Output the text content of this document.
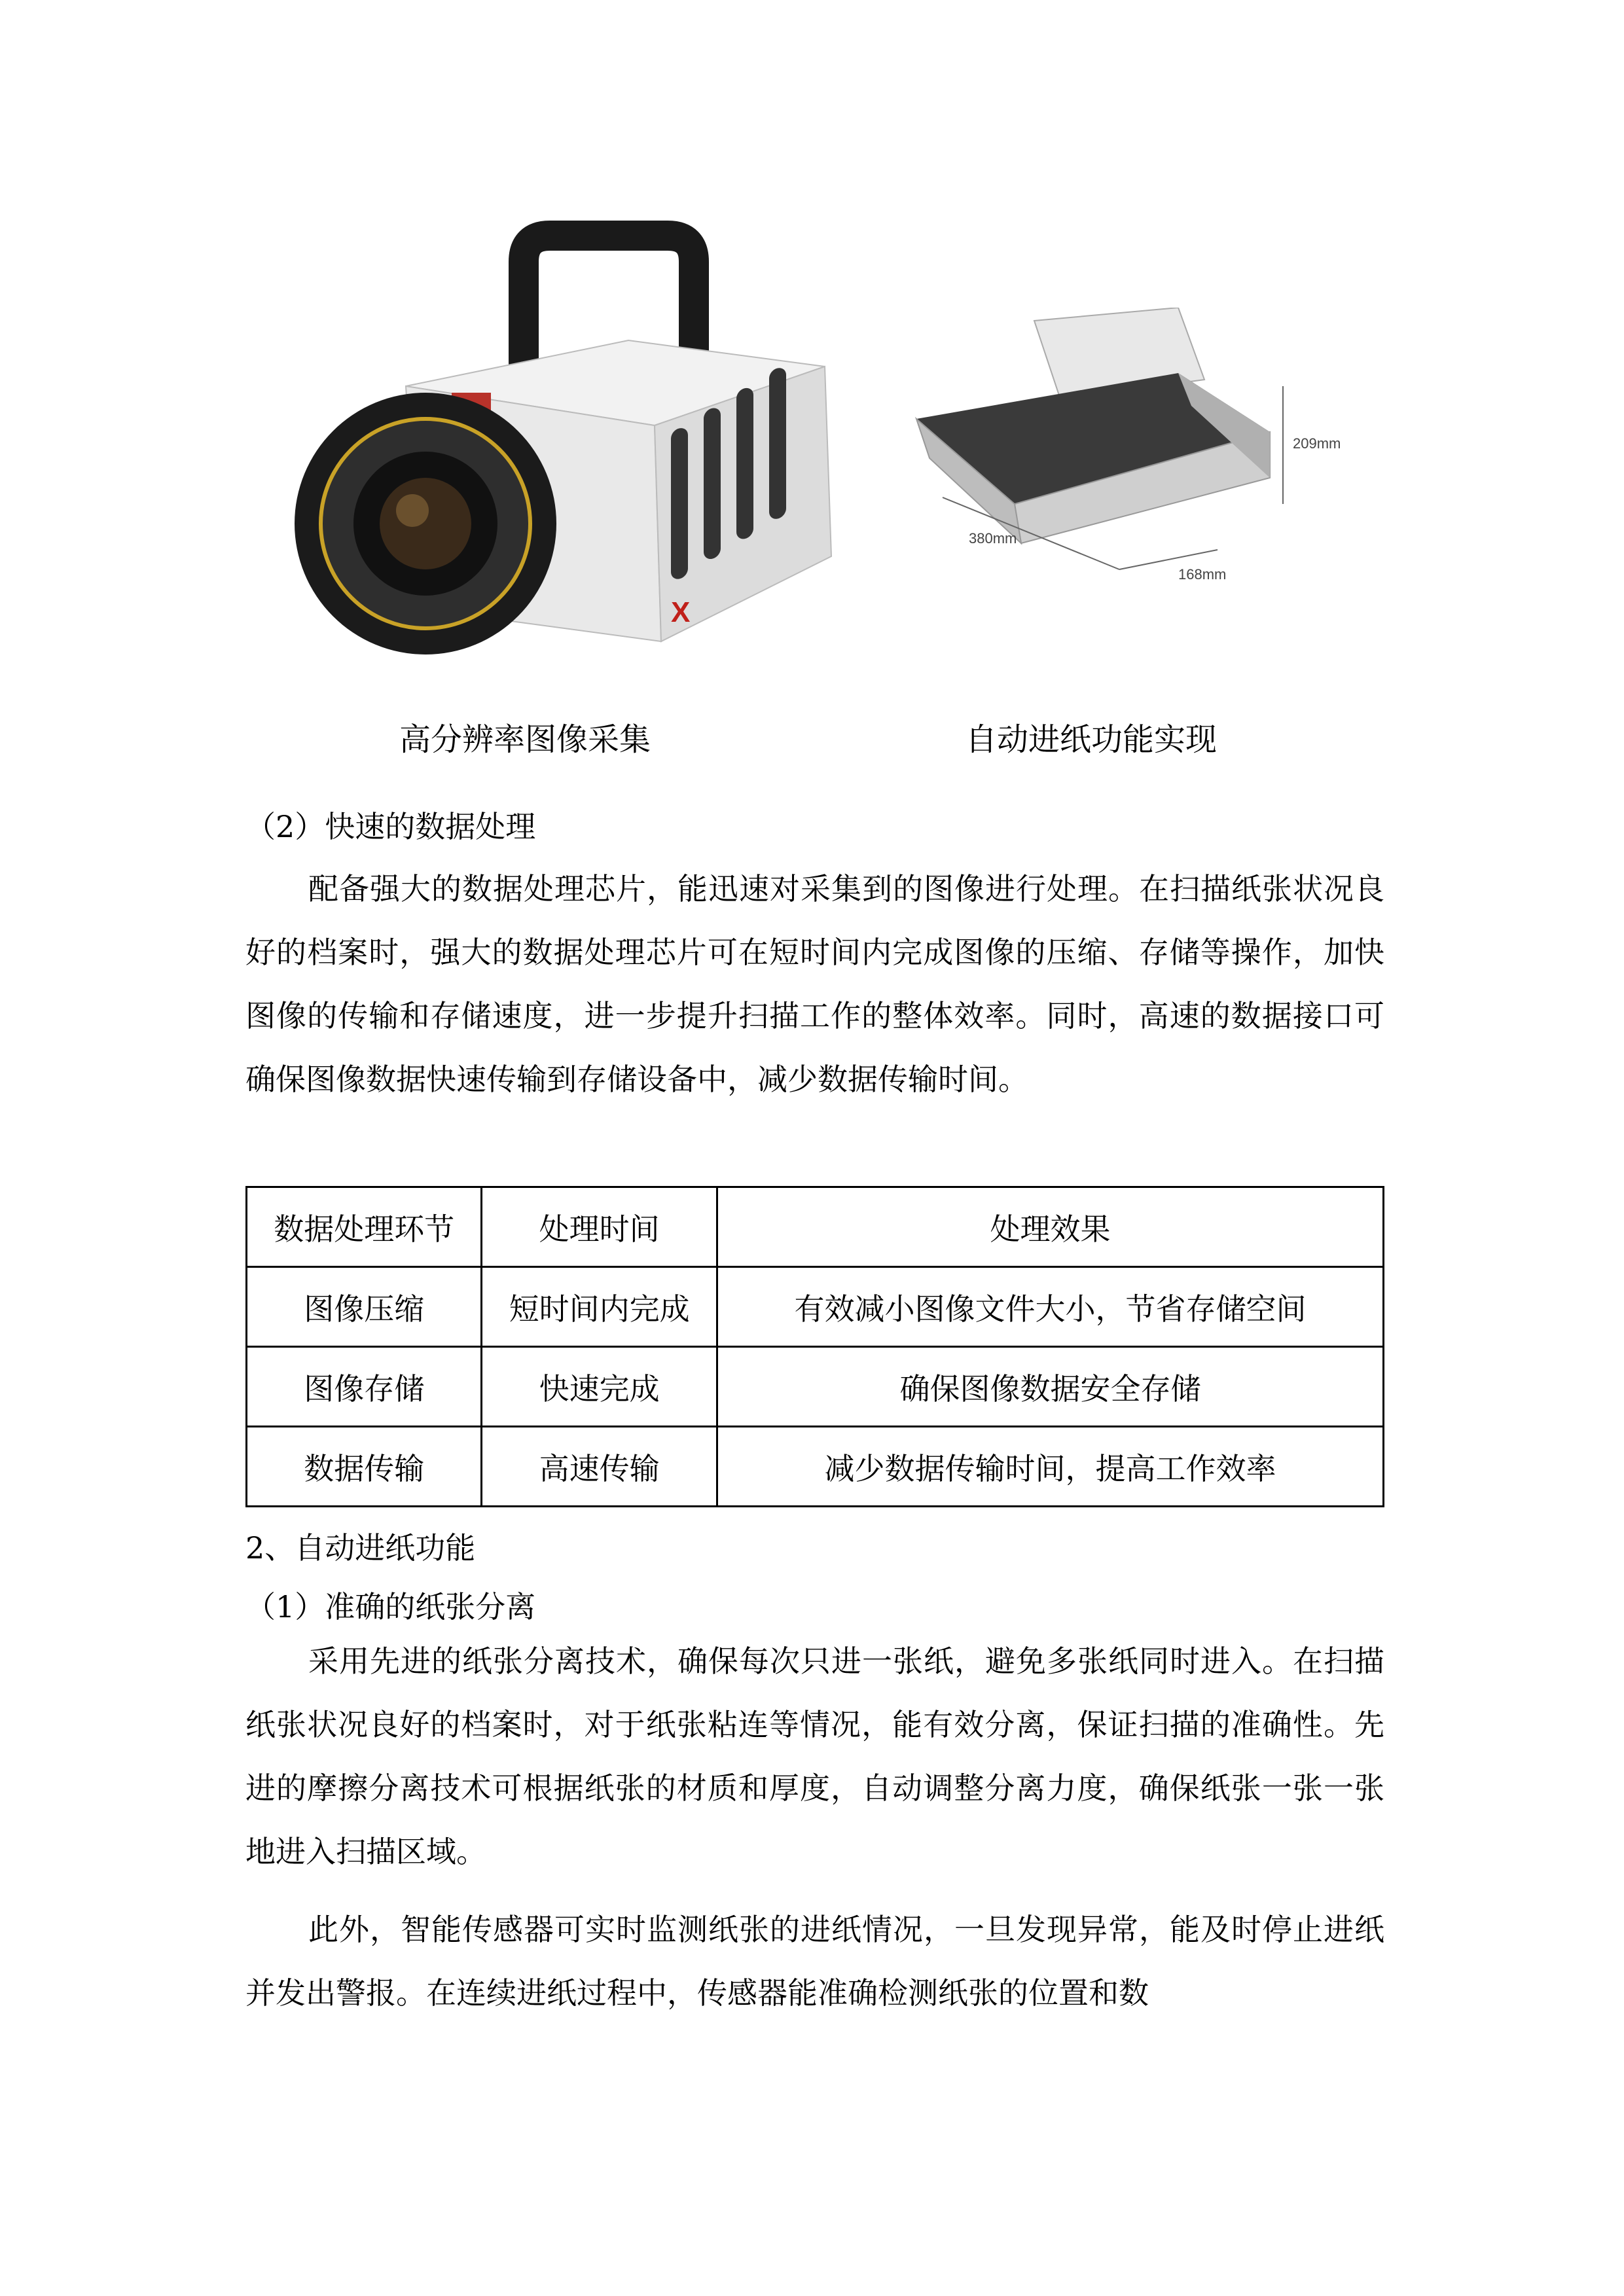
X
380mm
168mm
209mm
高分辨率图像采集	自动进纸功能实现
（2）快速的数据处理

配备强大的数据处理芯片，能迅速对采集到的图像进行处理。在扫描纸张状况良好的档案时，强大的数据处理芯片可在短时间内完成图像的压缩、存储等操作，加快图像的传输和存储速度，进一步提升扫描工作的整体效率。同时，高速的数据接口可确保图像数据快速传输到存储设备中，减少数据传输时间。

数据处理环节	处理时间	处理效果
图像压缩	短时间内完成	有效减小图像文件大小，节省存储空间
图像存储	快速完成	确保图像数据安全存储
数据传输	高速传输	减少数据传输时间，提高工作效率
2、自动进纸功能
（1）准确的纸张分离

采用先进的纸张分离技术，确保每次只进一张纸，避免多张纸同时进入。在扫描纸张状况良好的档案时，对于纸张粘连等情况，能有效分离，保证扫描的准确性。先进的摩擦分离技术可根据纸张的材质和厚度，自动调整分离力度，确保纸张一张一张地进入扫描区域。

此外，智能传感器可实时监测纸张的进纸情况，一旦发现异常，能及时停止进纸并发出警报。在连续进纸过程中，传感器能准确检测纸张的位置和数
